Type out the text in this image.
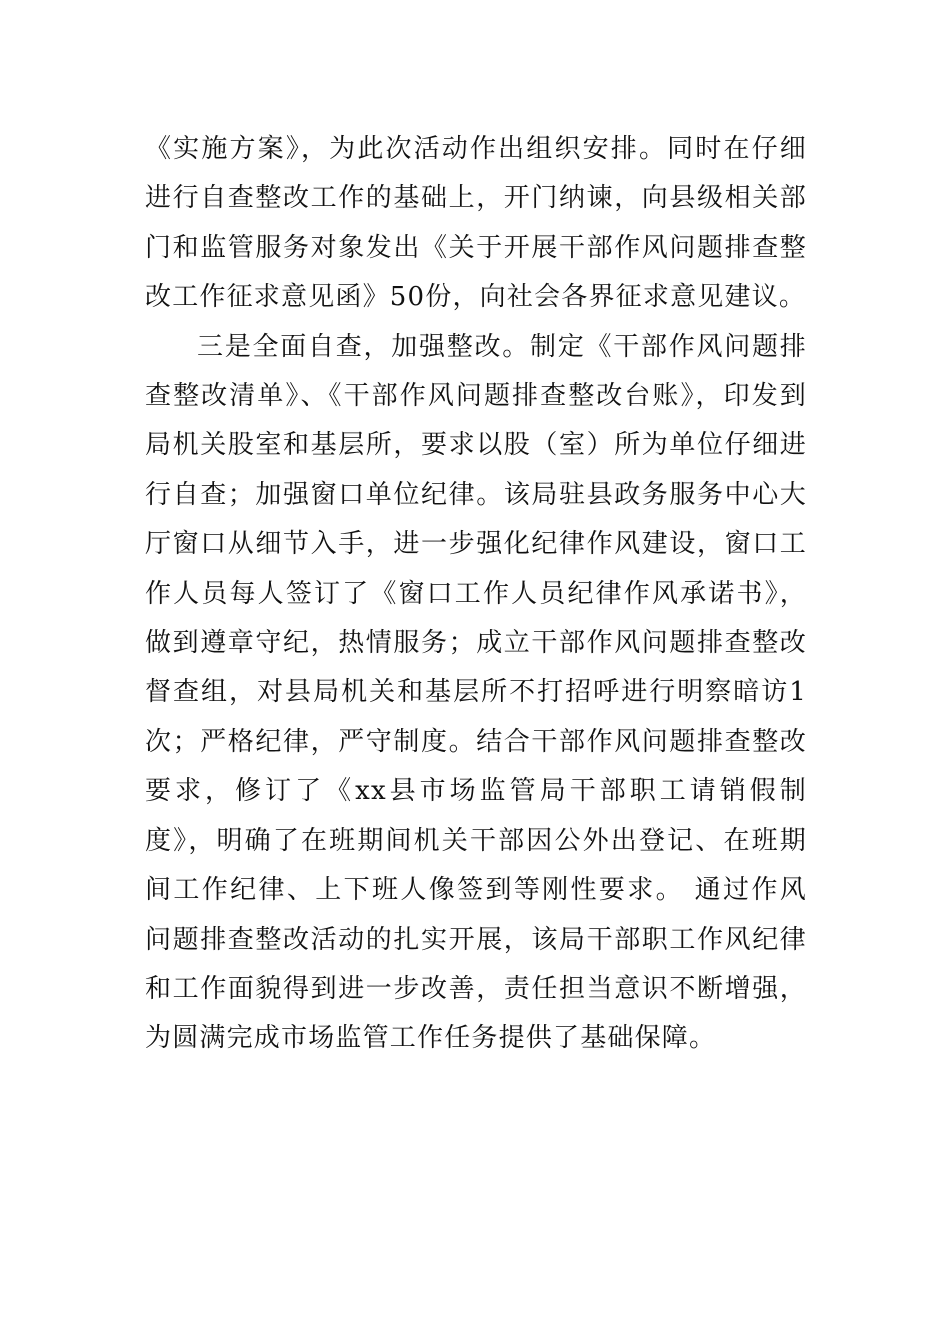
《实施方案》，为此次活动作出组织安排。同时在仔细进行自查整改工作的基础上，开门纳谏，向县级相关部门和监管服务对象发出《关于开展干部作风问题排查整改工作征求意见函》50份，向社会各界征求意见建议。

三是全面自查，加强整改。制定《干部作风问题排查整改清单》、《干部作风问题排查整改台账》，印发到局机关股室和基层所，要求以股（室）所为单位仔细进行自查；加强窗口单位纪律。该局驻县政务服务中心大厅窗口从细节入手，进一步强化纪律作风建设，窗口工作人员每人签订了《窗口工作人员纪律作风承诺书》，做到遵章守纪，热情服务；成立干部作风问题排查整改督查组，对县局机关和基层所不打招呼进行明察暗访1次；严格纪律，严守制度。结合干部作风问题排查整改要求，修订了《xx县市场监管局干部职工请销假制度》，明确了在班期间机关干部因公外出登记、在班期间工作纪律、上下班人像签到等刚性要求。 通过作风问题排查整改活动的扎实开展，该局干部职工作风纪律和工作面貌得到进一步改善，责任担当意识不断增强，为圆满完成市场监管工作任务提供了基础保障。
